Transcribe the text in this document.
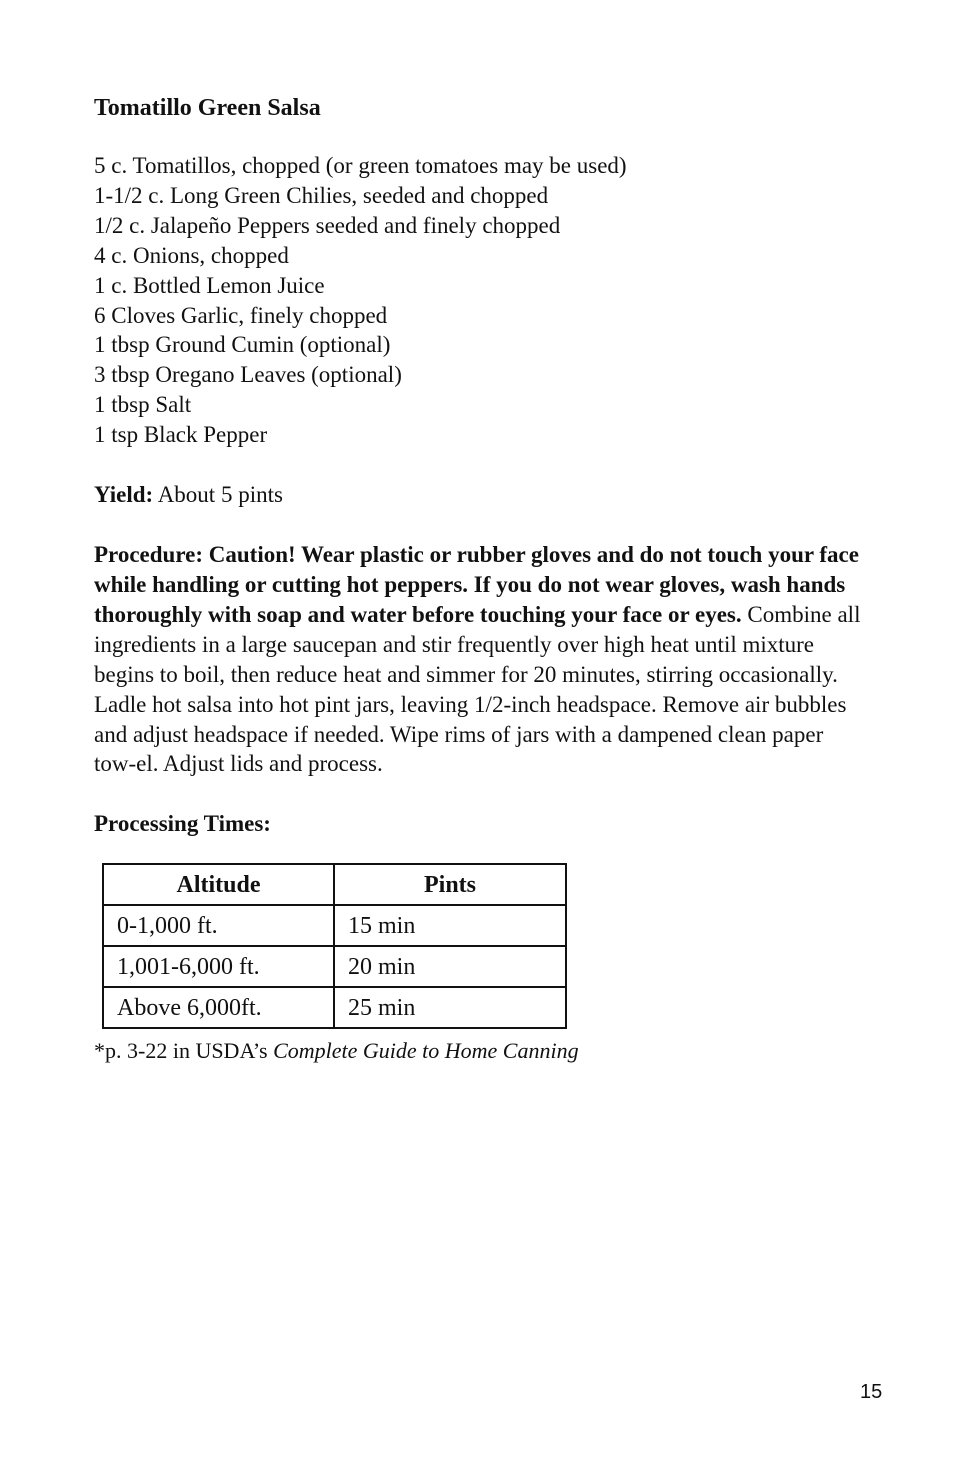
Tomatillo Green Salsa
5 c. Tomatillos, chopped (or green tomatoes may be used)
1-1/2 c. Long Green Chilies, seeded and chopped
1/2 c. Jalapeño Peppers seeded and finely chopped
4 c. Onions, chopped
1 c. Bottled Lemon Juice
6 Cloves Garlic, finely chopped
1 tbsp Ground Cumin (optional)
3 tbsp Oregano Leaves (optional)
1 tbsp Salt
1 tsp Black Pepper

Yield: About 5 pints

Procedure: Caution! Wear plastic or rubber gloves and do not touch your face while handling or cutting hot peppers. If you do not wear gloves, wash hands thoroughly with soap and water before touching your face or eyes. Combine all ingredients in a large saucepan and stir frequently over high heat until mixture begins to boil, then reduce heat and simmer for 20 minutes, stirring occasionally. Ladle hot salsa into hot pint jars, leaving 1/2-inch headspace. Remove air bubbles and adjust headspace if needed. Wipe rims of jars with a dampened clean paper tow-el. Adjust lids and process.

Processing Times:

Altitude	Pints
0-1,000 ft.	15 min
1,001-6,000 ft.	20 min
Above 6,000ft.	25 min

*p. 3-22 in USDA’s Complete Guide to Home Canning

15
